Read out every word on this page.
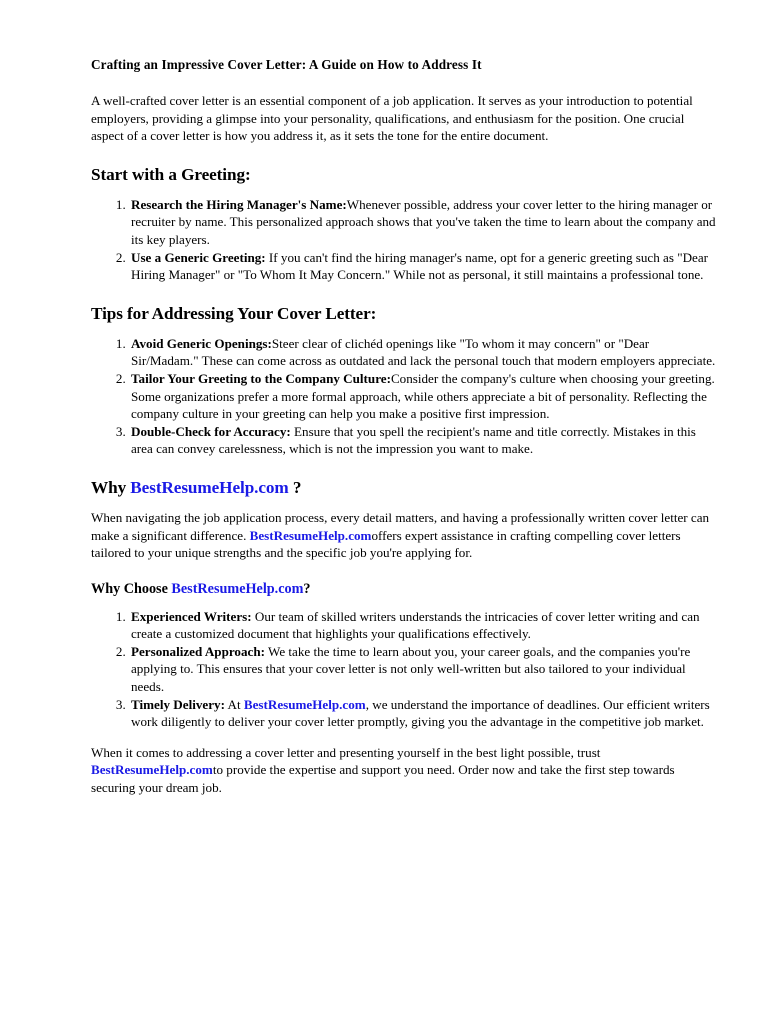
Crafting an Impressive Cover Letter: A Guide on How to Address It

A well-crafted cover letter is an essential component of a job application. It serves as your introduction to potential employers, providing a glimpse into your personality, qualifications, and enthusiasm for the position. One crucial aspect of a cover letter is how you address it, as it sets the tone for the entire document.

Start with a Greeting:
1. Research the Hiring Manager's Name:Whenever possible, address your cover letter to the hiring manager or recruiter by name. This personalized approach shows that you've taken the time to learn about the company and its key players.
2. Use a Generic Greeting: If you can't find the hiring manager's name, opt for a generic greeting such as "Dear Hiring Manager" or "To Whom It May Concern." While not as personal, it still maintains a professional tone.
Tips for Addressing Your Cover Letter:
1. Avoid Generic Openings:Steer clear of clichéd openings like "To whom it may concern" or "Dear Sir/Madam." These can come across as outdated and lack the personal touch that modern employers appreciate.
2. Tailor Your Greeting to the Company Culture:Consider the company's culture when choosing your greeting. Some organizations prefer a more formal approach, while others appreciate a bit of personality. Reflecting the company culture in your greeting can help you make a positive first impression.
3. Double-Check for Accuracy: Ensure that you spell the recipient's name and title correctly. Mistakes in this area can convey carelessness, which is not the impression you want to make.
Why BestResumeHelp.com ?

When navigating the job application process, every detail matters, and having a professionally written cover letter can make a significant difference. BestResumeHelp.comoffers expert assistance in crafting compelling cover letters tailored to your unique strengths and the specific job you're applying for.

Why Choose BestResumeHelp.com?
1. Experienced Writers: Our team of skilled writers understands the intricacies of cover letter writing and can create a customized document that highlights your qualifications effectively.
2. Personalized Approach: We take the time to learn about you, your career goals, and the companies you're applying to. This ensures that your cover letter is not only well-written but also tailored to your individual needs.
3. Timely Delivery: At BestResumeHelp.com, we understand the importance of deadlines. Our efficient writers work diligently to deliver your cover letter promptly, giving you the advantage in the competitive job market.

When it comes to addressing a cover letter and presenting yourself in the best light possible, trust BestResumeHelp.comto provide the expertise and support you need. Order now and take the first step towards securing your dream job.
